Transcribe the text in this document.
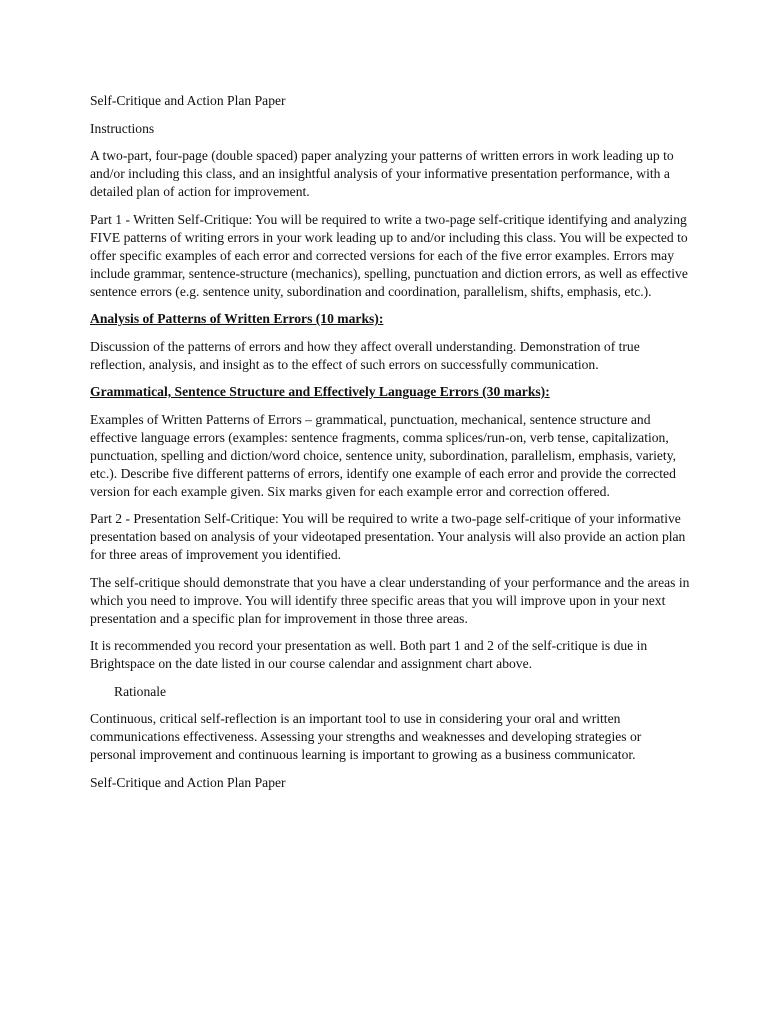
Self-Critique and Action Plan Paper

Instructions

A two-part, four-page (double spaced) paper analyzing your patterns of written errors in work leading up to and/or including this class, and an insightful analysis of your informative presentation performance, with a detailed plan of action for improvement.

Part 1 - Written Self-Critique: You will be required to write a two-page self-critique identifying and analyzing FIVE patterns of writing errors in your work leading up to and/or including this class. You will be expected to offer specific examples of each error and corrected versions for each of the five error examples. Errors may include grammar, sentence-structure (mechanics), spelling, punctuation and diction errors, as well as effective sentence errors (e.g. sentence unity, subordination and coordination, parallelism, shifts, emphasis, etc.).

Analysis of Patterns of Written Errors (10 marks):

Discussion of the patterns of errors and how they affect overall understanding. Demonstration of true reflection, analysis, and insight as to the effect of such errors on successfully communication.

Grammatical, Sentence Structure and Effectively Language Errors (30 marks):

Examples of Written Patterns of Errors – grammatical, punctuation, mechanical, sentence structure and effective language errors (examples: sentence fragments, comma splices/run-on, verb tense, capitalization, punctuation, spelling and diction/word choice, sentence unity, subordination, parallelism, emphasis, variety, etc.). Describe five different patterns of errors, identify one example of each error and provide the corrected version for each example given. Six marks given for each example error and correction offered.

Part 2 - Presentation Self-Critique: You will be required to write a two-page self-critique of your informative presentation based on analysis of your videotaped presentation. Your analysis will also provide an action plan for three areas of improvement you identified.

The self-critique should demonstrate that you have a clear understanding of your performance and the areas in which you need to improve. You will identify three specific areas that you will improve upon in your next presentation and a specific plan for improvement in those three areas.

It is recommended you record your presentation as well. Both part 1 and 2 of the self-critique is due in Brightspace on the date listed in our course calendar and assignment chart above.

Rationale

Continuous, critical self-reflection is an important tool to use in considering your oral and written communications effectiveness. Assessing your strengths and weaknesses and developing strategies or personal improvement and continuous learning is important to growing as a business communicator.

Self-Critique and Action Plan Paper
